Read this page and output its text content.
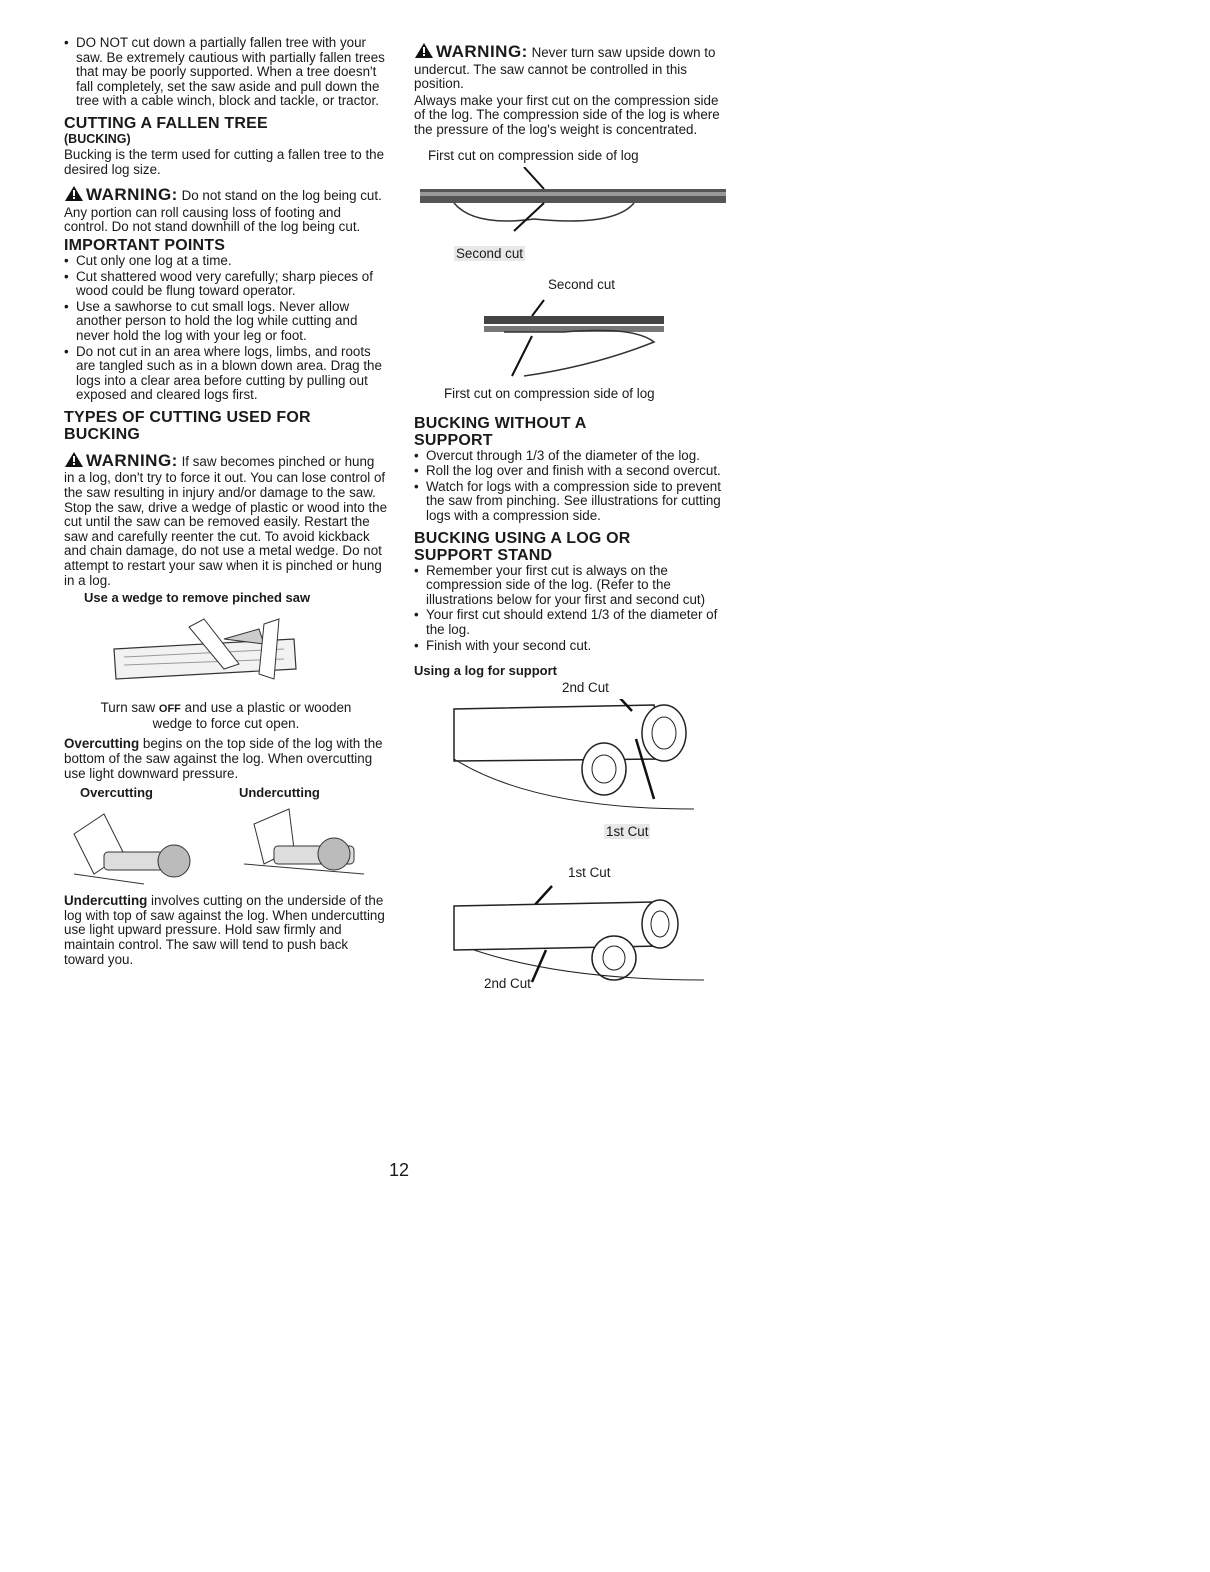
• DO NOT cut down a partially fallen tree with your saw. Be extremely cautious with partially fallen trees that may be poorly supported. When a tree doesn't fall completely, set the saw aside and pull down the tree with a cable winch, block and tackle, or tractor.
CUTTING A FALLEN TREE
(BUCKING)

Bucking is the term used for cutting a fallen tree to the desired log size.

WARNING: Do not stand on the log being cut. Any portion can roll causing loss of footing and control. Do not stand downhill of the log being cut.
IMPORTANT POINTS
• Cut only one log at a time.
• Cut shattered wood very carefully; sharp pieces of wood could be flung toward operator.
• Use a sawhorse to cut small logs. Never allow another person to hold the log while cutting and never hold the log with your leg or foot.
• Do not cut in an area where logs, limbs, and roots are tangled such as in a blown down area. Drag the logs into a clear area before cutting by pulling out exposed and cleared logs first.
TYPES OF CUTTING USED FOR BUCKING
WARNING: If saw becomes pinched or hung in a log, don't try to force it out. You can lose control of the saw resulting in injury and/or damage to the saw. Stop the saw, drive a wedge of plastic or wood into the cut until the saw can be removed easily. Restart the saw and carefully reenter the cut. To avoid kickback and chain damage, do not use a metal wedge. Do not attempt to restart your saw when it is pinched or hung in a log.
Use a wedge to remove pinched saw

Turn saw OFF and use a plastic or wooden wedge to force cut open.

Overcutting begins on the top side of the log with the bottom of the saw against the log. When overcutting use light downward pressure.

Overcutting	Undercutting

Undercutting involves cutting on the underside of the log with top of saw against the log. When undercutting use light upward pressure. Hold saw firmly and maintain control. The saw will tend to push back toward you.

WARNING: Never turn saw upside down to undercut. The saw cannot be controlled in this position.

Always make your first cut on the compression side of the log. The compression side of the log is where the pressure of the log's weight is concentrated.

First cut on compression side of log
Second cut
Second cut
First cut on compression side of log
BUCKING WITHOUT A SUPPORT
• Overcut through 1/3 of the diameter of the log.
• Roll the log over and finish with a second overcut.
• Watch for logs with a compression side to prevent the saw from pinching. See illustrations for cutting logs with a compression side.
BUCKING USING A LOG OR SUPPORT STAND
• Remember your first cut is always on the compression side of the log. (Refer to the illustrations below for your first and second cut)
• Your first cut should extend 1/3 of the diameter of the log.
• Finish with your second cut.
Using a log for support
2nd Cut
1st Cut
1st Cut
2nd Cut
12
